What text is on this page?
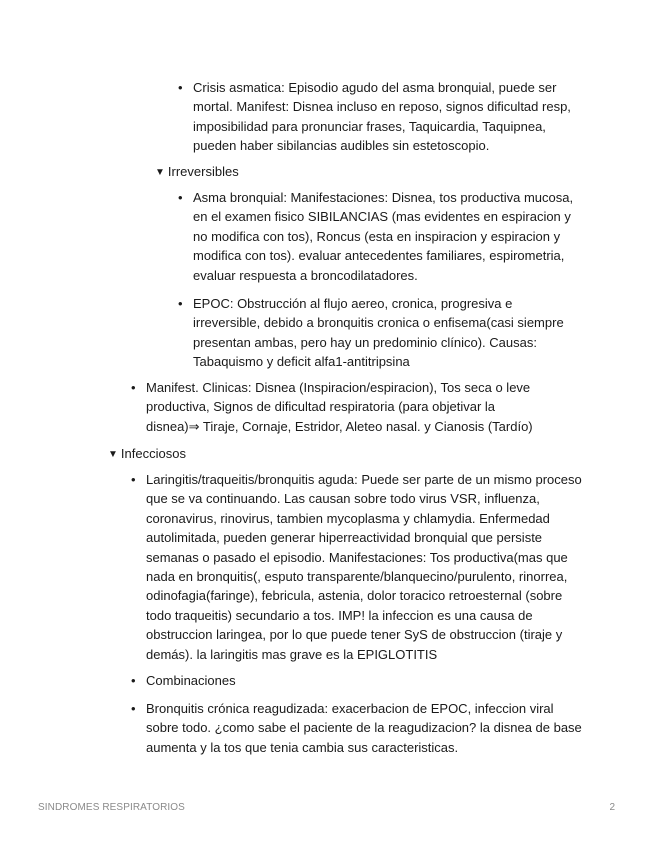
• Crisis asmatica: Episodio agudo del asma bronquial, puede ser mortal. Manifest: Disnea incluso en reposo, signos dificultad resp, imposibilidad para pronunciar frases, Taquicardia, Taquipnea, pueden haber sibilancias audibles sin estetoscopio.

▼ Irreversibles
• Asma bronquial: Manifestaciones: Disnea, tos productiva mucosa, en el examen fisico SIBILANCIAS (mas evidentes en espiracion y no modifica con tos), Roncus (esta en inspiracion y espiracion y modifica con tos). evaluar antecedentes familiares, espirometria, evaluar respuesta a broncodilatadores.

• EPOC: Obstrucción al flujo aereo, cronica, progresiva e irreversible, debido a bronquitis cronica o enfisema(casi siempre presentan ambas, pero hay un predominio clínico). Causas: Tabaquismo y deficit alfa1-antitripsina

• Manifest. Clinicas: Disnea (Inspiracion/espiracion), Tos seca o leve productiva, Signos de dificultad respiratoria (para objetivar la disnea)⇒ Tiraje, Cornaje, Estridor, Aleteo nasal. y Cianosis (Tardío)

▼ Infecciosos
• Laringitis/traqueitis/bronquitis aguda: Puede ser parte de un mismo proceso que se va continuando. Las causan sobre todo virus VSR, influenza, coronavirus, rinovirus, tambien mycoplasma y chlamydia. Enfermedad autolimitada, pueden generar hiperreactividad bronquial que persiste semanas o pasado el episodio. Manifestaciones: Tos productiva(mas que nada en bronquitis(, esputo transparente/blanquecino/purulento, rinorrea, odinofagia(faringe), febricula, astenia, dolor toracico retroesternal (sobre todo traqueitis) secundario a tos. IMP! la infeccion es una causa de obstruccion laringea, por lo que puede tener SyS de obstruccion (tiraje y demás). la laringitis mas grave es la EPIGLOTITIS

• Combinaciones

• Bronquitis crónica reagudizada: exacerbacion de EPOC, infeccion viral sobre todo. ¿como sabe el paciente de la reagudizacion? la disnea de base aumenta y la tos que tenia cambia sus caracteristicas.

SINDROMES RESPIRATORIOS	2
